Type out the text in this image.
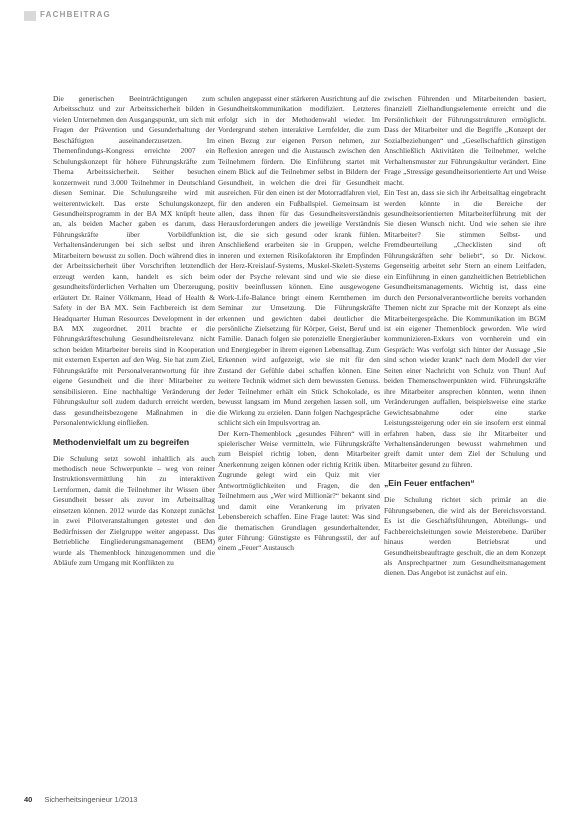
FACHBEITRAG

Die generischen Beeinträchtigungen zum Arbeitsschutz und zur Arbeitssicherheit bilden in vielen Unternehmen den Ausgangspunkt, um sich mit Fragen der Prävention und Gesunderhaltung der Beschäftigten auseinanderzusetzen. Im Themenfindungs-Kongress erreichte 2007 ein Schulungskonzept für höhere Führungskräfte zum Thema Arbeitssicherheit. Seither besuchen konzernweit rund 3.000 Teilnehmer in Deutschland diesen Seminar. Die Schulungsreihe wird mit weiterentwickelt. Das erste Schulungskonzept, Gesundheitsprogramm in der BA MX knüpft heute an, als beiden Macher gaben es darum, dass Führungskräfte über Vorbildfunktion Verhaltensänderungen bei sich selbst und ihren Mitarbeitern bewusst zu sollen. Doch während dies in der Arbeitssicherheit über Vorschriften letztendlich erzeugt werden kann, handelt es sich beim gesundheitsförderlichen Verhalten um Überzeugung, erläutert Dr. Rainer Völkmann, Head of Health & Safety in der BA MX. Sein Fachbereich ist dem Headquarter Human Resources Development in der BA MX zugeordnet. 2011 brachte er die Führungskräfteschulung Gesundheitsrelevanz nicht schon beiden Mitarbeiter bereits sind in Kooperation mit externen Experten auf den Weg. Sie hat zum Ziel, Führungskräfte mit Personalverantwortung für ihre eigene Gesundheit und die ihrer Mitarbeiter zu sensibilisieren. Eine nachhaltige Veränderung der Führungskultur soll zudem dadurch erreicht werden, dass gesundheitsbezogene Maßnahmen in die Personalentwicklung einfließen.

Methodenvielfalt um zu begreifen

Die Schulung setzt sowohl inhaltlich als auch methodisch neue Schwerpunkte – weg von reiner Instruktionsvermittlung hin zu interaktiven Lernformen, damit die Teilnehmer ihr Wissen über Gesundheit besser als zuvor im Arbeitsalltag einsetzen können. 2012 wurde das Konzept zunächst in zwei Pilotveranstaltungen getestet und den Bedürfnissen der Zielgruppe weiter angepasst. Das Betriebliche Eingliederungsmanagement (BEM) wurde als Themenblock hinzugenommen und die Abläufe zum Umgang mit Konflikten zu

schulen angepasst einer stärkeren Ausrichtung auf die Gesundheitskommunikation modifiziert. Letzteres erfolgt sich in der Methodenwahl wieder. Im Vordergrund stehen interaktive Lernfelder, die zum einen Bezug zur eigenen Person nehmen, zur Reflexion anregen und die Austausch zwischen den Teilnehmern fördern. Die Einführung startet mit einem Blick auf die Teilnehmer selbst in Bildern der Gesundheit, in welchen die drei für Gesundheit ausreichen. Für den einen ist der Motorradfahren viel, für den anderen ein Fußballspiel. Gemeinsam ist allen, dass ihnen für das Gesundheitsverständnis Herausforderungen anders die jeweilige Verständnis ist, die sie sich gesund oder krank fühlen. Anschließend erarbeiten sie in Gruppen, welche inneren und externen Risikofaktoren ihr Empfinden der Herz-Kreislauf-Systems, Muskel-Skelett-Systems oder der Psyche relevant sind und wie sie diese positiv beeinflussen können. Eine ausgewogene Work-Life-Balance bringt einem Kernthemen im Seminar zur Umsetzung. Die Führungskräfte erkennen und gewichten dabei deutlicher die persönliche Zielsetzung für Körper, Geist, Beruf und Familie. Danach folgen sie potenzielle Energieräuber und Energiegeber in ihrem eigenen Lebensalltag. Zum Erkennen wird aufgezeigt, wie sie mit für den Zustand der Gefühle dabei schaffen können. Eine weitere Technik widmet sich dem bewussten Genuss. Jeder Teilnehmer erhält ein Stück Schokolade, es bewusst langsam im Mund zergehen lassen soll, um die Wirkung zu erzielen. Dann folgen Nachgespräche schlicht sich ein Impulsvortrag an.

Der Kern-Themenblock „gesundes Führen“ will in spielerischer Weise vermitteln, wie Führungskräfte zum Beispiel richtig loben, denn Mitarbeiter Anerkennung zeigen können oder richtig Kritik üben. Zugrunde gelegt wird ein Quiz mit vier Antwortmöglichkeiten und Fragen, die den Teilnehmern aus „Wer wird Millionär?“ bekannt sind und damit eine Verankerung im privaten Lebensbereich schaffen. Eine Frage lautet: Was sind die thematischen Grundlagen gesunderhaltender, guter Führung: Günstigste es Führungsstil, der auf einem „Feuer“ Austausch

zwischen Führenden und Mitarbeitenden basiert, finanziell Zielhandlungselemente erreicht und die Persönlichkeit der Führungsstrukturen ermöglicht. Dass der Mitarbeiter und die Begriffe „Konzept der Sozialbeziehungen“ und „Gesellschaftlich günstigen Anschließlich Aktivitäten die Teilnehmer, welche Verhaltensmuster zur Führungskultur verändert. Eine Frage „Stressige gesundheitsorientierte Art und Weise macht.

Ein Test an, dass sie sich ihr Arbeitsalltag eingebracht werden könnte in die Bereiche der gesundheitsorientierten Mitarbeiterführung mit der Sie diesen Wunsch nicht. Und wie sehen sie ihre Mitarbeiter? Sie stimmen Selbst- und Fremdbeurteilung „Checklisten sind oft Führungskräften sehr beliebt“, so Dr. Nickow. Gegenseitig arbeitet sehr Stern an einem Leitfaden, ein Einführung in einen ganzheitlichen Betrieblichen Gesundheitsmanagements. Wichtig ist, dass eine durch den Personalverantwortliche bereits vorhanden Themen nicht zur Sprache mit der Konzept als eine Mitarbeitergespräche. Die Kommunikation im BGM ist ein eigener Themenblock geworden. Wie wird kommunizieren-Exkurs von vornherein und ein Gespräch: Was verfolgt sich hinter der Aussage „Sie sind schon wieder krank“ nach dem Modell der vier Seiten einer Nachricht von Schulz von Thun! Auf beiden Themenschwerpunkten wird. Führungskräfte ihre Mitarbeiter ansprechen könnten, wenn ihnen Veränderungen auffallen, beispielsweise eine starke Gewichtsabnahme oder eine starke Leistungssteigerung oder ein sie insofern erst einmal erfahren haben, dass sie ihr Mitarbeiter und Verhaltensänderungen bewusst wahrnehmen und greift damit unter dem Ziel der Schulung und Mitarbeiter gesund zu führen.

„Ein Feuer entfachen“

Die Schulung richtet sich primär an die Führungsebenen, die wird als der Bereichsvorstand. Es ist die Geschäftsführungen, Abteilungs- und Fachbereichsleitungen sowie Meisterebene. Darüber hinaus werden Betriebsrat und Gesundheitsbeauftragte geschult, die an dem Konzept als Ansprechpartner zum Gesundheitsmanagement dienen. Das Angebot ist zunächst auf ein.

40 Sicherheitsingenieur 1/2013
